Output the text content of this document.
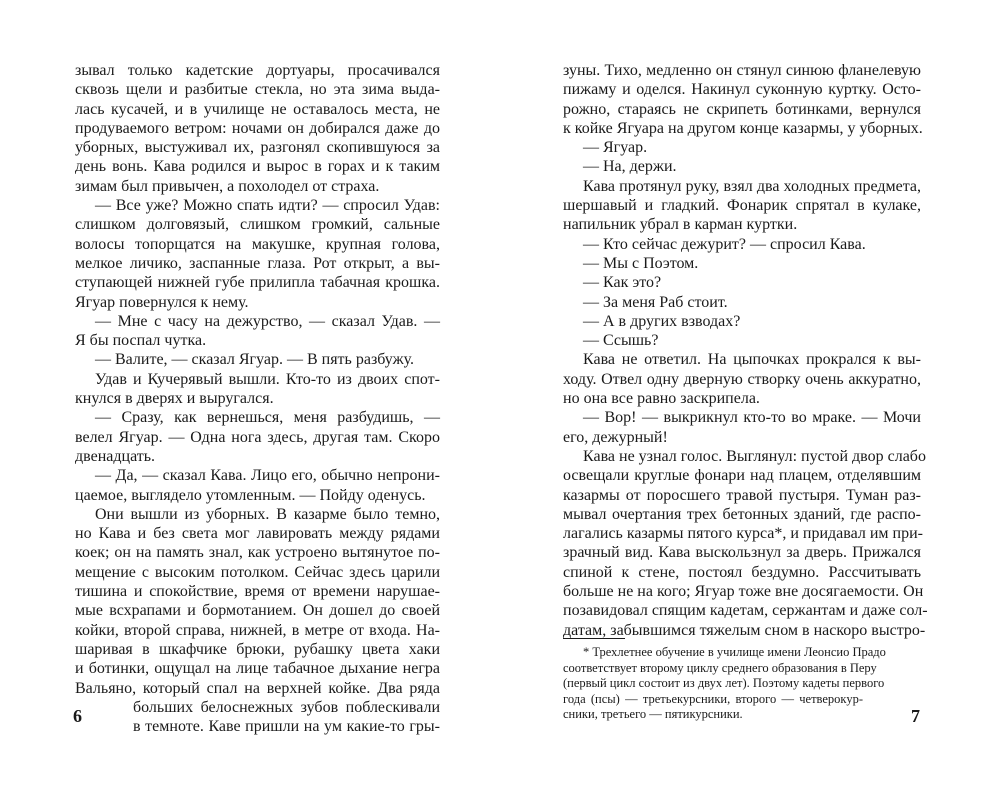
зывал только кадетские дортуары, просачивался
сквозь щели и разбитые стекла, но эта зима выда-
лась кусачей, и в училище не оставалось места, не
продуваемого ветром: ночами он добирался даже до
уборных, выстуживал их, разгонял скопившуюся за
день вонь. Кава родился и вырос в горах и к таким
зимам был привычен, а похолодел от страха.
— Все уже? Можно спать идти? — спросил Удав:
слишком долговязый, слишком громкий, сальные
волосы топорщатся на макушке, крупная голова,
мелкое личико, заспанные глаза. Рот открыт, а вы-
ступающей нижней губе прилипла табачная крошка.
Ягуар повернулся к нему.
— Мне с часу на дежурство, — сказал Удав. —
Я бы поспал чутка.
— Валите, — сказал Ягуар. — В пять разбужу.
Удав и Кучерявый вышли. Кто-то из двоих спот-
кнулся в дверях и выругался.
— Сразу, как вернешься, меня разбудишь, —
велел Ягуар. — Одна нога здесь, другая там. Скоро
двенадцать.
— Да, — сказал Кава. Лицо его, обычно непрони-
цаемое, выглядело утомленным. — Пойду оденусь.
Они вышли из уборных. В казарме было темно,
но Кава и без света мог лавировать между рядами
коек; он на память знал, как устроено вытянутое по-
мещение с высоким потолком. Сейчас здесь царили
тишина и спокойствие, время от времени нарушае-
мые всхрапами и бормотанием. Он дошел до своей
койки, второй справа, нижней, в метре от входа. На-
шаривая в шкафчике брюки, рубашку цвета хаки
и ботинки, ощущал на лице табачное дыхание негра
Вальяно, который спал на верхней койке. Два ряда
больших белоснежных зубов поблескивали
в темноте. Каве пришли на ум какие-то гры-
6
зуны. Тихо, медленно он стянул синюю фланелевую
пижаму и оделся. Накинул суконную куртку. Осто-
рожно, стараясь не скрипеть ботинками, вернулся
к койке Ягуара на другом конце казармы, у уборных.
— Ягуар.
— На, держи.
Кава протянул руку, взял два холодных предмета,
шершавый и гладкий. Фонарик спрятал в кулаке,
напильник убрал в карман куртки.
— Кто сейчас дежурит? — спросил Кава.
— Мы с Поэтом.
— Как это?
— За меня Раб стоит.
— А в других взводах?
— Ссышь?
Кава не ответил. На цыпочках прокрался к вы-
ходу. Отвел одну дверную створку очень аккуратно,
но она все равно заскрипела.
— Вор! — выкрикнул кто-то во мраке. — Мочи
его, дежурный!
Кава не узнал голос. Выглянул: пустой двор слабо
освещали круглые фонари над плацем, отделявшим
казармы от поросшего травой пустыря. Туман раз-
мывал очертания трех бетонных зданий, где распо-
лагались казармы пятого курса*, и придавал им при-
зрачный вид. Кава выскользнул за дверь. Прижался
спиной к стене, постоял бездумно. Рассчитывать
больше не на кого; Ягуар тоже вне досягаемости. Он
позавидовал спящим кадетам, сержантам и даже сол-
датам, забывшимся тяжелым сном в наскоро выстро-
* Трехлетнее обучение в училище имени Леонсио Прадо
соответствует второму циклу среднего образования в Перу
(первый цикл состоит из двух лет). Поэтому кадеты первого
года (псы) — третьекурсники, второго — четверокур-
сники, третьего — пятикурсники.	7
